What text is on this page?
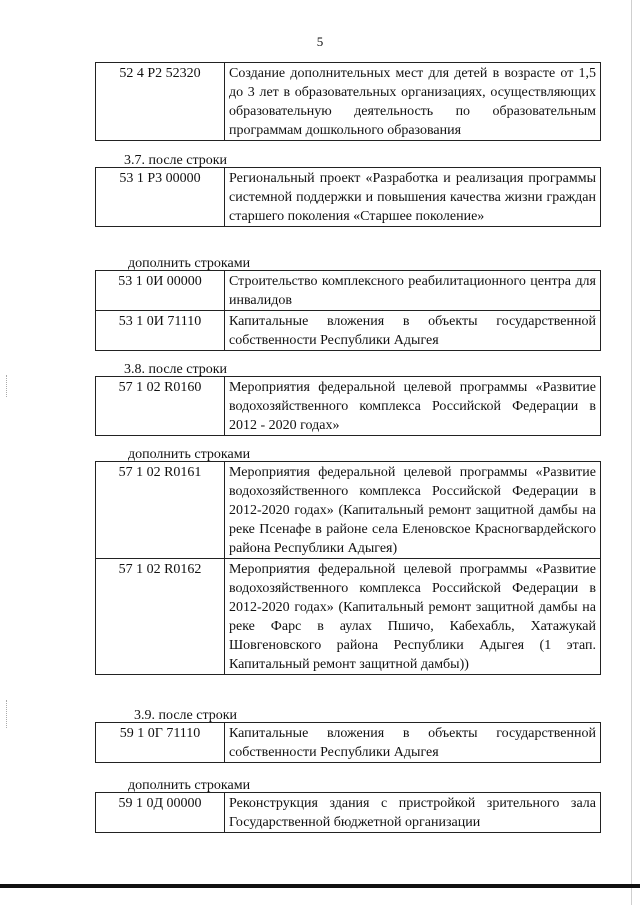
5
52 4 P2 52320	Создание дополнительных мест для детей в возрасте от 1,5 до 3 лет в образовательных организациях, осуществляющих образовательную деятельность по образовательным программам дошкольного образования
3.7. после строки
53 1 P3 00000	Региональный проект «Разработка и реализация программы системной поддержки и повышения качества жизни граждан старшего поколения «Старшее поколение»
дополнить строками
53 1 0И 00000	Строительство комплексного реабилитационного центра для инвалидов
53 1 0И 71110	Капитальные вложения в объекты государственной собственности Республики Адыгея
3.8. после строки
57 1 02 R0160	Мероприятия федеральной целевой программы «Развитие водохозяйственного комплекса Российской Федерации в 2012 - 2020 годах»
дополнить строками
57 1 02 R0161	Мероприятия федеральной целевой программы «Развитие водохозяйственного комплекса Российской Федерации в 2012-2020 годах» (Капитальный ремонт защитной дамбы на реке Псенафе в районе села Еленовское Красногвардейского района Республики Адыгея)
57 1 02 R0162	Мероприятия федеральной целевой программы «Развитие водохозяйственного комплекса Российской Федерации в 2012-2020 годах» (Капитальный ремонт защитной дамбы на реке Фарс в аулах Пшичо, Кабехабль, Хатажукай Шовгеновского района Республики Адыгея (1 этап. Капитальный ремонт защитной дамбы))
3.9. после строки
59 1 0Г 71110	Капитальные вложения в объекты государственной собственности Республики Адыгея
дополнить строками
59 1 0Д 00000	Реконструкция здания с пристройкой зрительного зала Государственной бюджетной организации
